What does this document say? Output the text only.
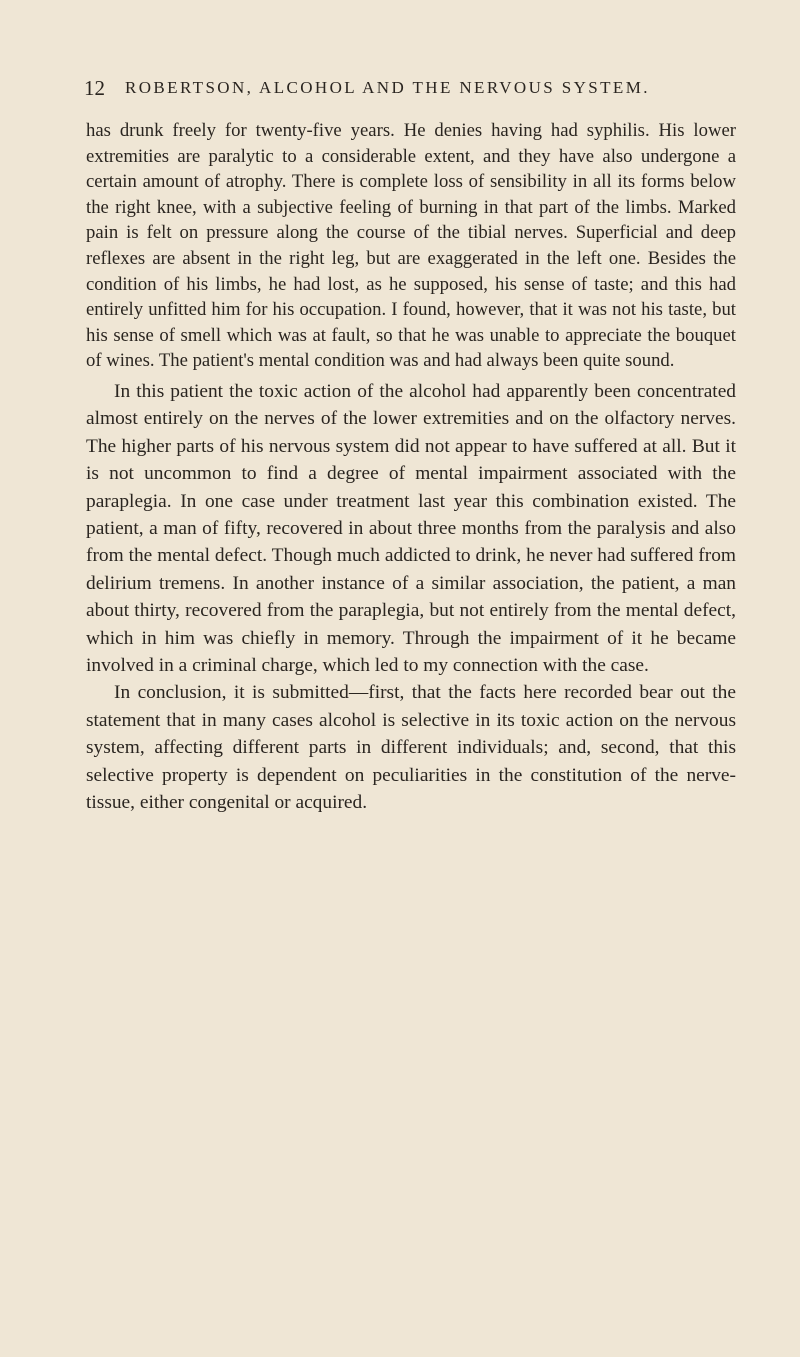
12 ROBERTSON, ALCOHOL AND THE NERVOUS SYSTEM.

has drunk freely for twenty-five years. He denies having had syphilis. His lower extremities are paralytic to a considerable extent, and they have also undergone a certain amount of atrophy. There is complete loss of sensibility in all its forms below the right knee, with a subjective feeling of burning in that part of the limbs. Marked pain is felt on pressure along the course of the tibial nerves. Superficial and deep reflexes are absent in the right leg, but are exaggerated in the left one. Besides the condition of his limbs, he had lost, as he supposed, his sense of taste; and this had entirely unfitted him for his occupation. I found, however, that it was not his taste, but his sense of smell which was at fault, so that he was unable to appreciate the bouquet of wines. The patient's mental condition was and had always been quite sound.

In this patient the toxic action of the alcohol had apparently been concentrated almost entirely on the nerves of the lower extremities and on the olfactory nerves. The higher parts of his nervous system did not appear to have suffered at all. But it is not uncommon to find a degree of mental impairment associated with the paraplegia. In one case under treatment last year this combination existed. The patient, a man of fifty, recovered in about three months from the paralysis and also from the mental defect. Though much addicted to drink, he never had suffered from delirium tremens. In another instance of a similar association, the patient, a man about thirty, recovered from the paraplegia, but not entirely from the mental defect, which in him was chiefly in memory. Through the impairment of it he became involved in a criminal charge, which led to my connection with the case.

In conclusion, it is submitted—first, that the facts here recorded bear out the statement that in many cases alcohol is selective in its toxic action on the nervous system, affecting different parts in different individuals; and, second, that this selective property is dependent on peculiarities in the constitution of the nerve-tissue, either congenital or acquired.
